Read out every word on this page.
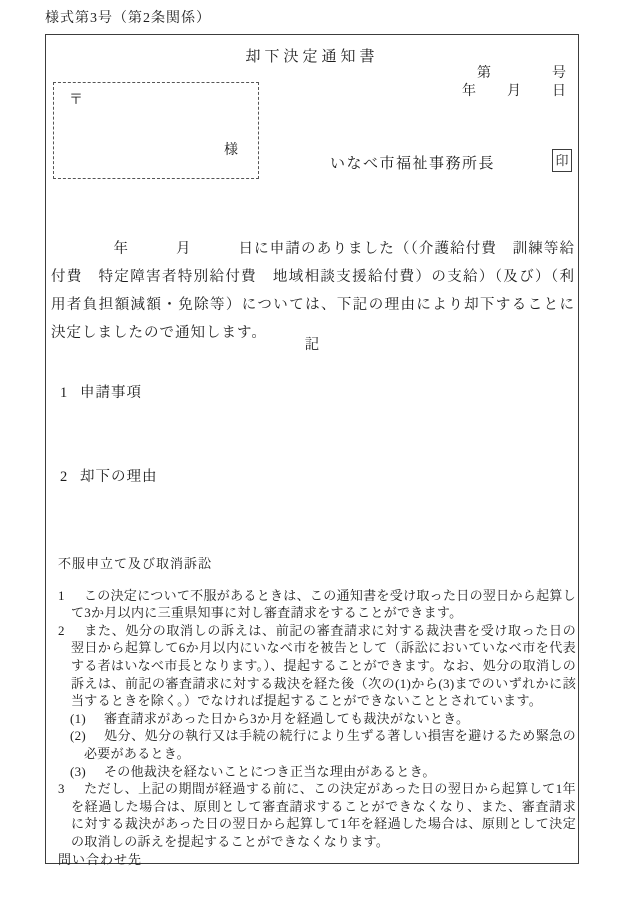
様式第3号（第2条関係）
却下決定通知書
第　　　　号
年　　月　　日
〒
様
いなべ市福祉事務所長	印
　　　　年　　　月　　　日に申請のありました（（介護給付費　訓練等給付費　特定障害者特別給付費　地域相談支援給付費）の支給）（及び）（利用者負担額減額・免除等）については、下記の理由により却下することに決定しましたので通知します。
記
1 申請事項
2 却下の理由
不服申立て及び取消訴訟

1 この決定について不服があるときは、この通知書を受け取った日の翌日から起算して3か月以内に三重県知事に対し審査請求をすることができます。

2 また、処分の取消しの訴えは、前記の審査請求に対する裁決書を受け取った日の翌日から起算して6か月以内にいなべ市を被告として（訴訟においていなべ市を代表する者はいなべ市長となります。）、提起することができます。なお、処分の取消しの訴えは、前記の審査請求に対する裁決を経た後（次の(1)から(3)までのいずれかに該当するときを除く。）でなければ提起することができないこととされています。

(1) 審査請求があった日から3か月を経過しても裁決がないとき。

(2) 処分、処分の執行又は手続の続行により生ずる著しい損害を避けるため緊急の必要があるとき。

(3) その他裁決を経ないことにつき正当な理由があるとき。

3 ただし、上記の期間が経過する前に、この決定があった日の翌日から起算して1年を経過した場合は、原則として審査請求することができなくなり、また、審査請求に対する裁決があった日の翌日から起算して1年を経過した場合は、原則として決定の取消しの訴えを提起することができなくなります。

問い合わせ先
